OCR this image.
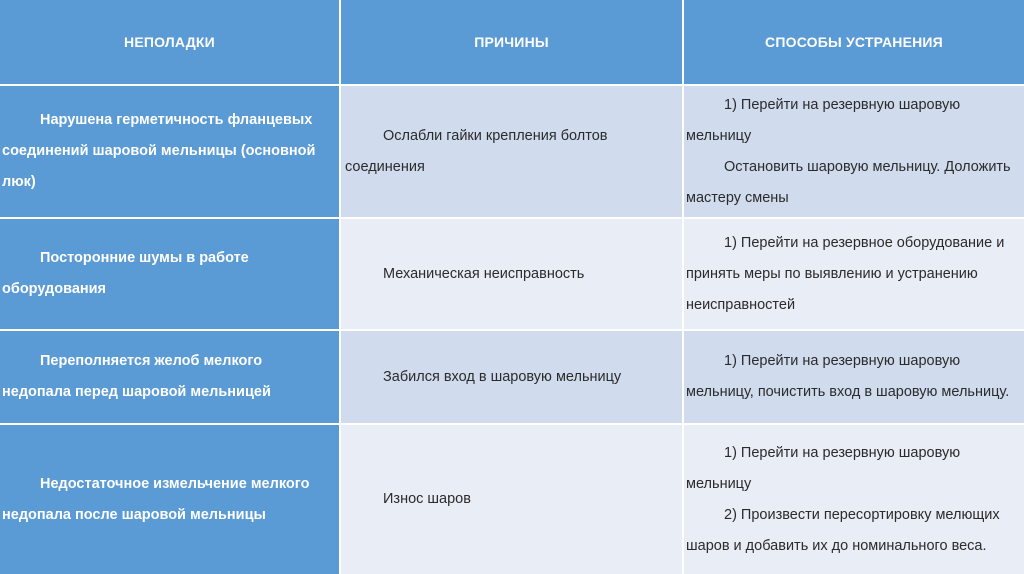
НЕПОЛАДКИ	ПРИЧИНЫ	СПОСОБЫ УСТРАНЕНИЯ

Нарушена герметичность фланцевых соединений шаровой мельницы (основной люк)

Ослабли гайки крепления болтов соединения

1) Перейти на резервную шаровую мельницу

Остановить шаровую мельницу. Доложить мастеру смены

Посторонние шумы в работе оборудования

Механическая неисправность

1) Перейти на резервное оборудование и принять меры по выявлению и устранению неисправностей

Переполняется желоб мелкого недопала перед шаровой мельницей

Забился вход в шаровую мельницу

1) Перейти на резервную шаровую мельницу, почистить вход в шаровую мельницу.

Недостаточное измельчение мелкого недопала после шаровой мельницы

Износ шаров

1) Перейти на резервную шаровую мельницу

2) Произвести пересортировку мелющих шаров и добавить их до номинального веса.
